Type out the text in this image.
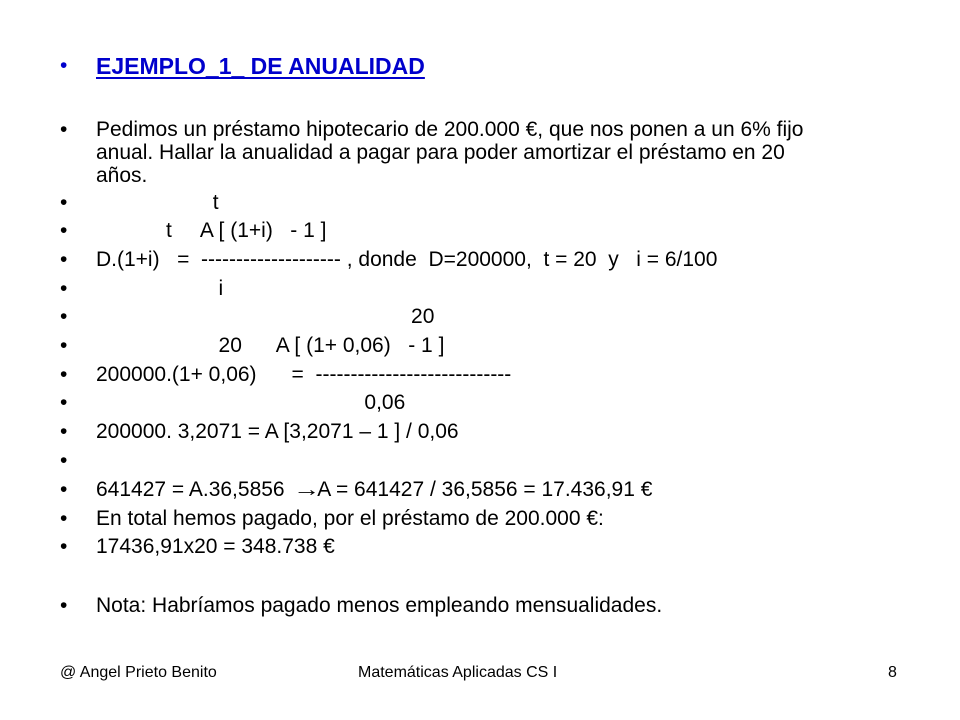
•

	EJEMPLO_1_ DE ANUALIDAD

•

	Pedimos un préstamo hipotecario de 200.000 €, que nos ponen a un 6% fijo anual. Hallar la anualidad a pagar para poder amortizar el préstamo en 20 años.

•

	t

•

	t     A [ (1+i)   - 1 ]

•

	D.(1+i)   =  -------------------- , donde  D=200000,  t = 20  y   i = 6/100

•

	i

•

	20

•

	20      A [ (1+ 0,06)   - 1 ]

•

	200000.(1+ 0,06)      =  ----------------------------

•

	0,06

•

	200000. 3,2071 = A [3,2071 – 1 ] / 0,06

•

•

	641427 = A.36,5856  →A = 641427 / 36,5856 = 17.436,91 €

•

	En total hemos pagado, por el préstamo de 200.000 €:

•

	17436,91x20 = 348.738 €

•

	Nota: Habríamos pagado menos empleando mensualidades.

@ Angel Prieto Benito	Matemáticas Aplicadas CS I	8
